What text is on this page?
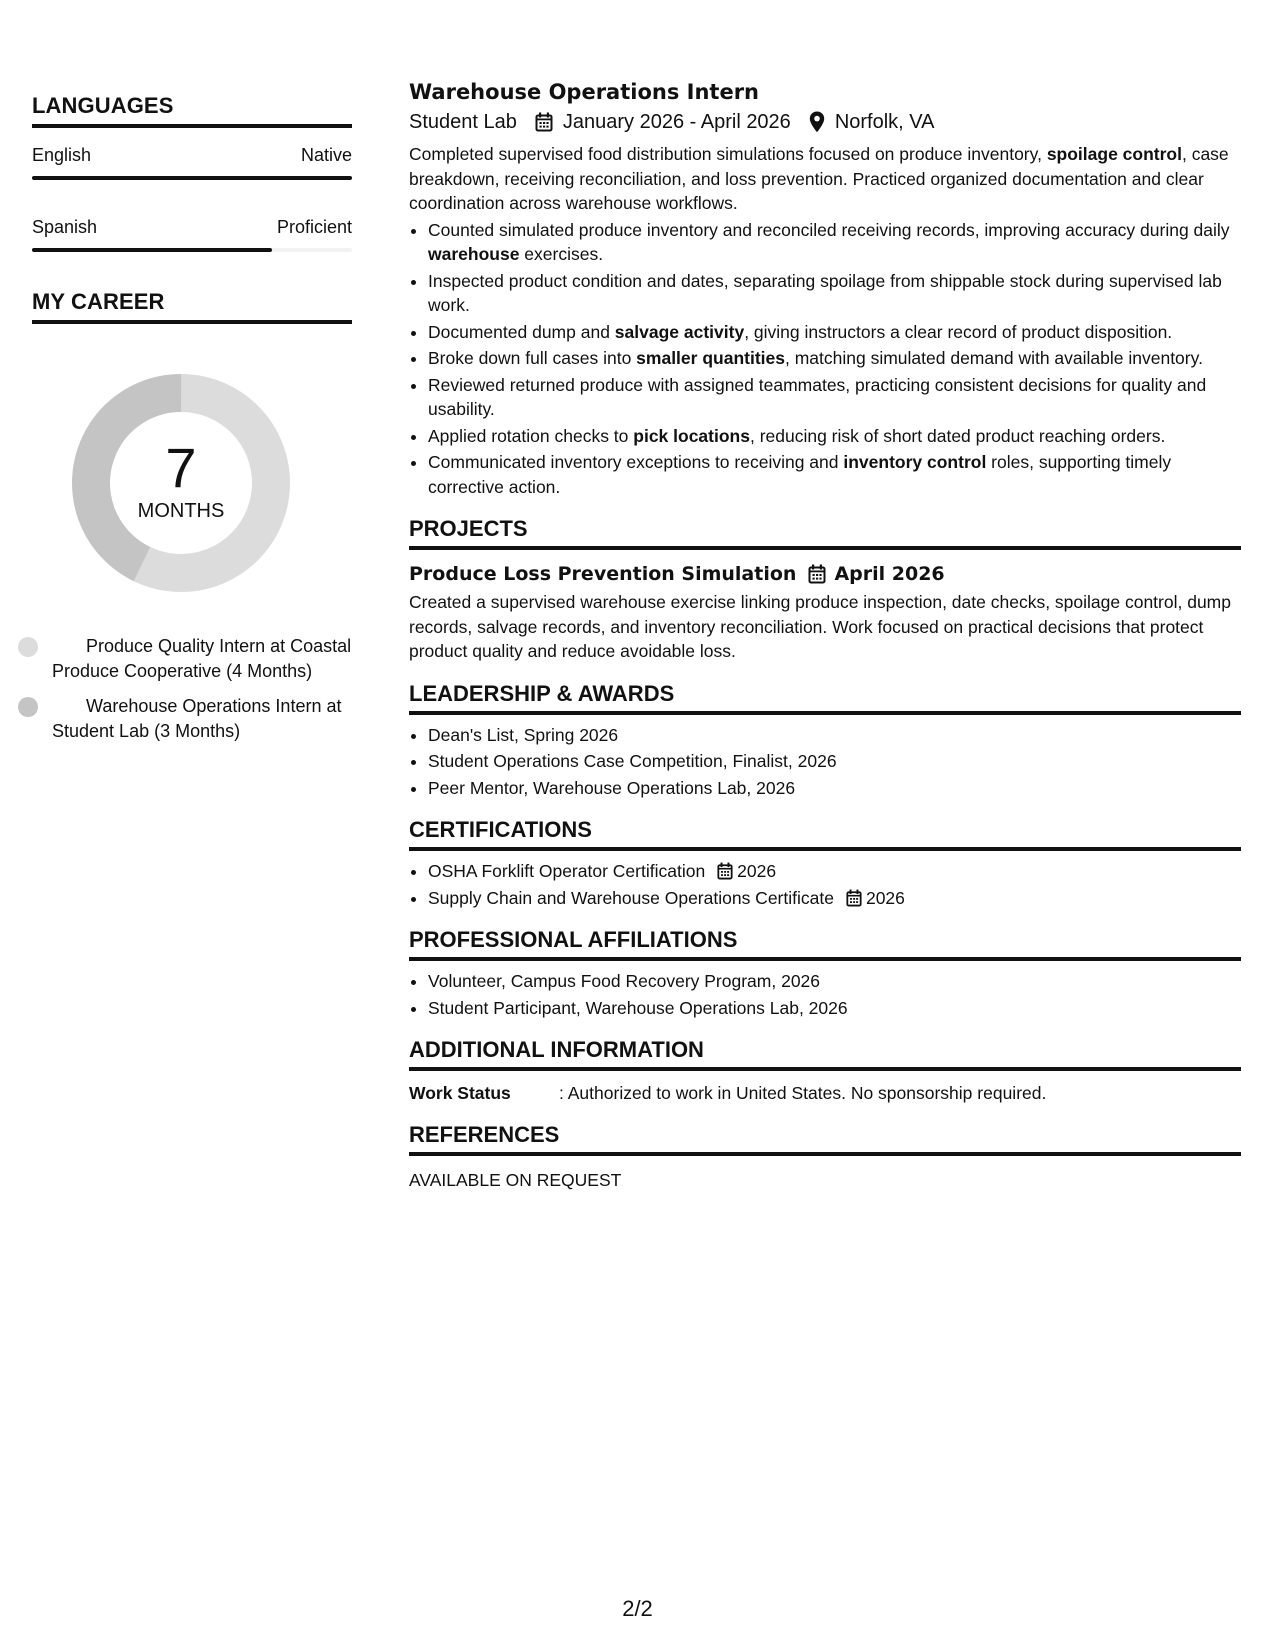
LANGUAGES
English	Native
Spanish	Proficient
MY CAREER
7
MONTHS
Produce Quality Intern at Coastal Produce Cooperative (4 Months)
Warehouse Operations Intern at Student Lab (3 Months)
Warehouse Operations Intern
Student Lab January 2026 - April 2026 Norfolk, VA
Completed supervised food distribution simulations focused on produce inventory, spoilage control, case breakdown, receiving reconciliation, and loss prevention. Practiced organized documentation and clear coordination across warehouse workflows.
• Counted simulated produce inventory and reconciled receiving records, improving accuracy during daily warehouse exercises.
• Inspected product condition and dates, separating spoilage from shippable stock during supervised lab work.
• Documented dump and salvage activity, giving instructors a clear record of product disposition.
• Broke down full cases into smaller quantities, matching simulated demand with available inventory.
• Reviewed returned produce with assigned teammates, practicing consistent decisions for quality and usability.
• Applied rotation checks to pick locations, reducing risk of short dated product reaching orders.
• Communicated inventory exceptions to receiving and inventory control roles, supporting timely corrective action.
PROJECTS
Produce Loss Prevention Simulation April 2026
Created a supervised warehouse exercise linking produce inspection, date checks, spoilage control, dump records, salvage records, and inventory reconciliation. Work focused on practical decisions that protect product quality and reduce avoidable loss.
LEADERSHIP & AWARDS
• Dean's List, Spring 2026
• Student Operations Case Competition, Finalist, 2026
• Peer Mentor, Warehouse Operations Lab, 2026
CERTIFICATIONS
• OSHA Forklift Operator Certification 2026
• Supply Chain and Warehouse Operations Certificate 2026
PROFESSIONAL AFFILIATIONS
• Volunteer, Campus Food Recovery Program, 2026
• Student Participant, Warehouse Operations Lab, 2026
ADDITIONAL INFORMATION
Work Status	: Authorized to work in United States. No sponsorship required.
REFERENCES
AVAILABLE ON REQUEST
2/2
